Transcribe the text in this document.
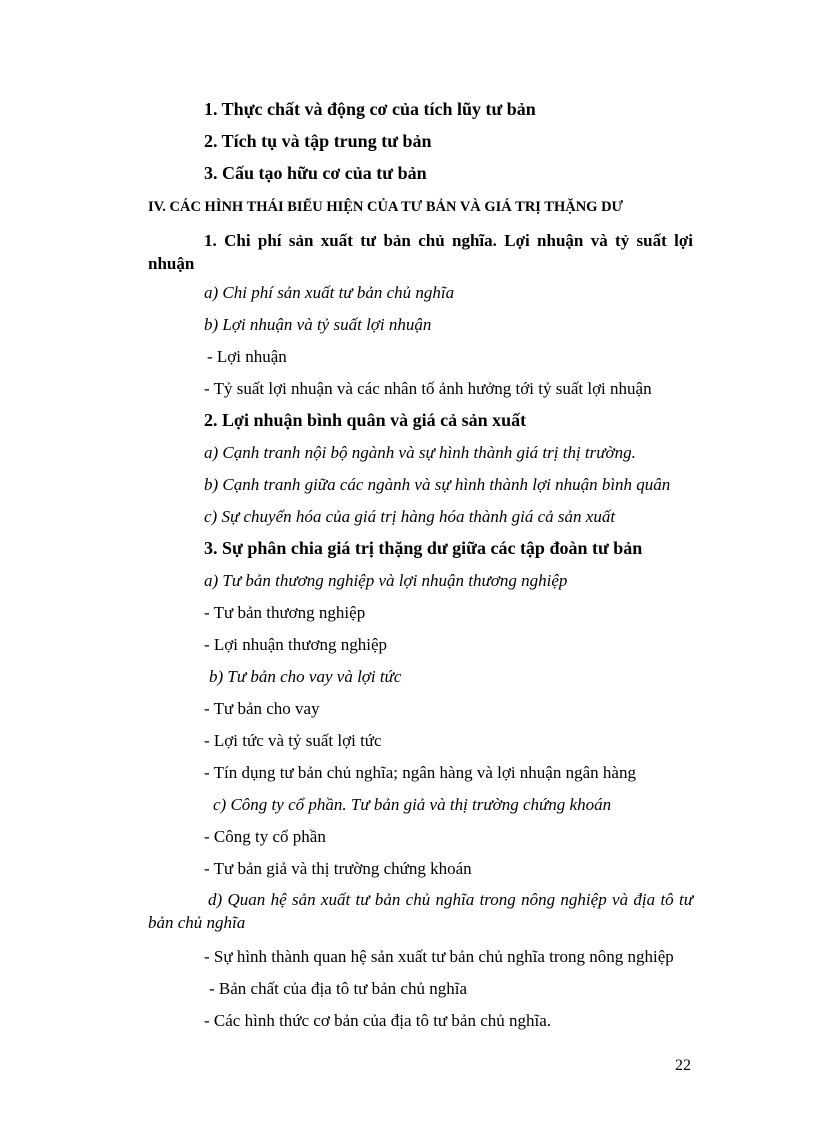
1. Thực chất và động cơ của tích lũy tư bản
2. Tích tụ và tập trung tư bản
3. Cấu tạo hữu cơ của tư bản
IV. CÁC HÌNH THÁI BIỂU HIỆN CỦA TƯ BẢN VÀ GIÁ TRỊ THẶNG DƯ
1. Chi phí sản xuất tư bản chủ nghĩa. Lợi nhuận và tỷ suất lợi nhuận
a) Chi phí sản xuất tư bản chủ nghĩa
b) Lợi nhuận và tỷ suất lợi nhuận
- Lợi nhuận
- Tỷ suất lợi nhuận và các nhân tố ảnh hưởng tới tỷ suất lợi nhuận
2. Lợi nhuận bình quân và giá cả sản xuất
a) Cạnh tranh nội bộ ngành và sự hình thành giá trị thị trường.
b) Cạnh tranh giữa các ngành và sự hình thành lợi nhuận bình quân
c) Sự chuyển hóa của giá trị hàng hóa thành giá cả sản xuất
3. Sự phân chia giá trị thặng dư giữa các tập đoàn tư bản
a) Tư bản thương nghiệp và lợi nhuận thương nghiệp
- Tư bản thương nghiệp
- Lợi nhuận thương nghiệp
b) Tư bản cho vay và lợi tức
- Tư bản cho vay
- Lợi tức và tỷ suất lợi tức
- Tín dụng tư bản chủ nghĩa; ngân hàng và lợi nhuận ngân hàng
c) Công ty cổ phần. Tư bản giả và thị trường chứng khoán
- Công ty cổ phần
- Tư bản giả và thị trường chứng khoán
d) Quan hệ sản xuất tư bản chủ nghĩa trong nông nghiệp và địa tô tư bản chủ nghĩa
- Sự hình thành quan hệ sản xuất tư bản chủ nghĩa trong nông nghiệp
- Bản chất của địa tô tư bản chủ nghĩa
- Các hình thức cơ bản của địa tô tư bản chủ nghĩa.
22
